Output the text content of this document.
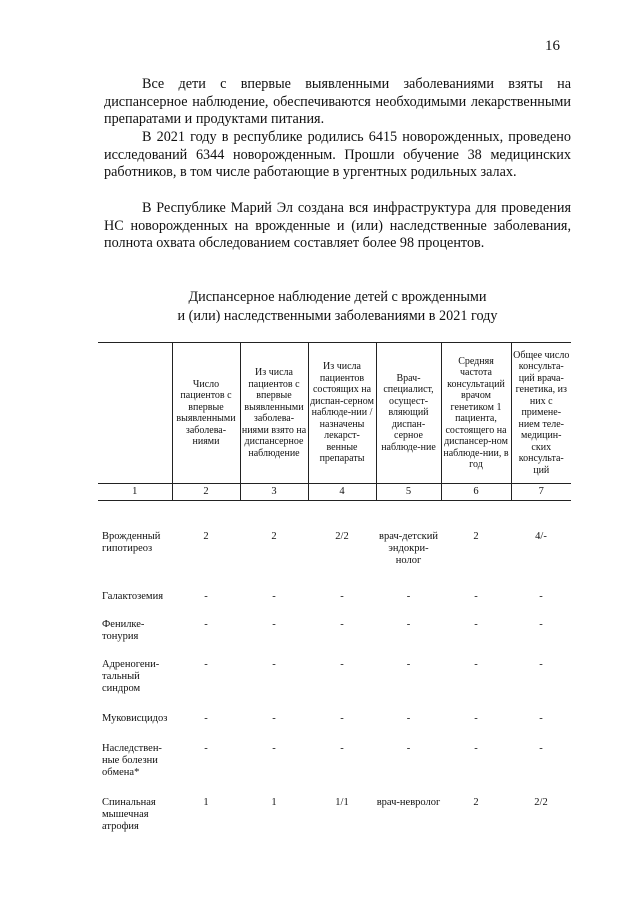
16

Все дети с впервые выявленными заболеваниями взяты на диспансерное наблюдение, обеспечиваются необходимыми лекарственными препаратами и продуктами питания.

В 2021 году в республике родились 6415 новорожденных, проведено исследований 6344 новорожденным. Прошли обучение 38 медицинских работников, в том числе работающие в ургентных родильных залах.

В Республике Марий Эл создана вся инфраструктура для проведения НС новорожденных на врожденные и (или) наследственные заболевания, полнота охвата обследованием составляет более 98 процентов.

Диспансерное наблюдение детей с врожденными
и (или) наследственными заболеваниями в 2021 году
	Число пациентов с впервые выявленными заболева-ниями	Из числа пациентов с впервые выявленными заболева-ниями взято на диспансерное наблюдение	Из числа пациентов состоящих на диспан-серном наблюде-нии / назначены лекарст-венные препараты	Врач-специалист, осущест-вляющий диспан-серное наблюде-ние	Средняя частота консультаций врачом генетиком 1 пациента, состоящего на диспансер-ном наблюде-нии, в год	Общее число консульта-ций врача-генетика, из них с примене-нием теле-медицин-ских консульта-ций
1	2	3	4	5	6	7
Врожденный гипотиреоз	2	2	2/2	врач-детский эндокри-нолог	2	4/-
Галактоземия	-	-	-	-	-	-
Фенилке-тонурия	-	-	-	-	-	-
Адреногени-тальный синдром	-	-	-	-	-	-
Муковисцидоз	-	-	-	-	-	-
Наследствен-ные болезни обмена*	-	-	-	-	-	-
Спинальная мышечная атрофия	1	1	1/1	врач-невролог	2	2/2
